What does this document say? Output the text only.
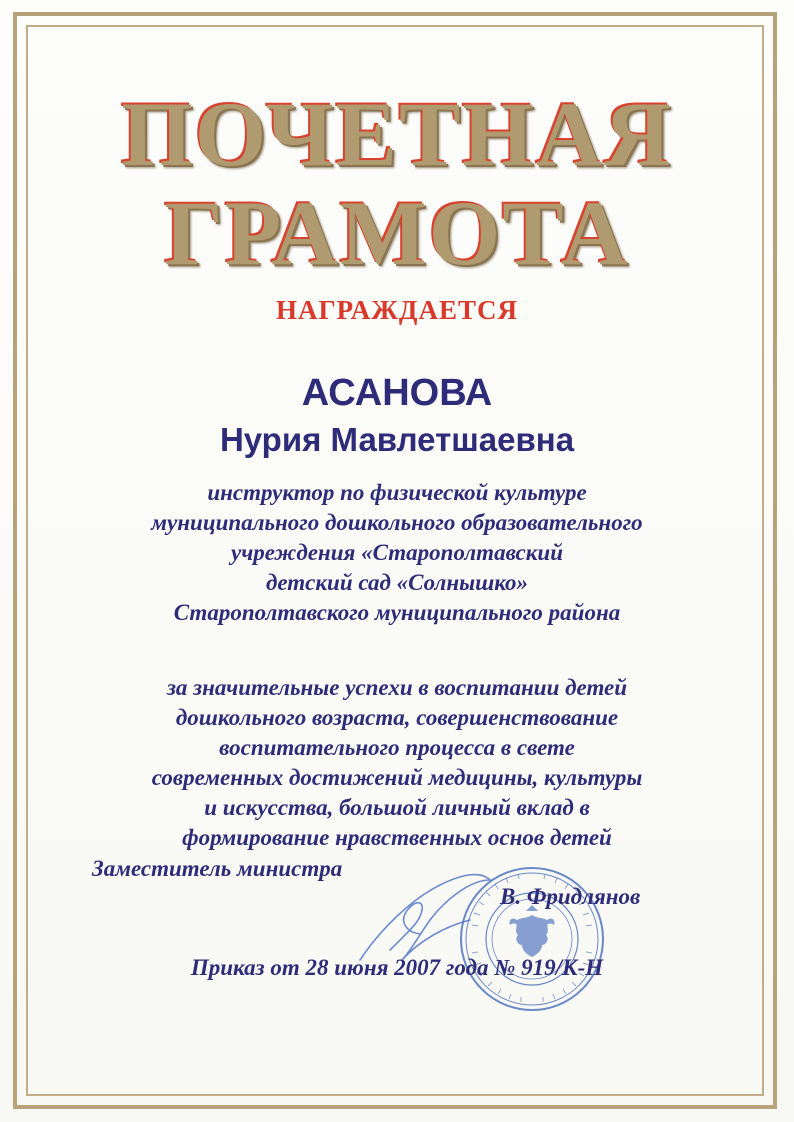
ПОЧЕТНАЯ
ГРАМОТА
НАГРАЖДАЕТСЯ
АСАНОВА
Нурия Мавлетшаевна
инструктор по физической культуре
муниципального дошкольного образовательного
учреждения «Старополтавский
детский сад «Солнышко»
Старополтавского муниципального района
за значительные успехи в воспитании детей
дошкольного возраста, совершенствование
воспитательного процесса в свете
современных достижений медицины, культуры
и искусства, большой личный вклад в
формирование нравственных основ детей
Заместитель министра
В. Фридлянов
Приказ от 28 июня 2007 года № 919/К-Н
